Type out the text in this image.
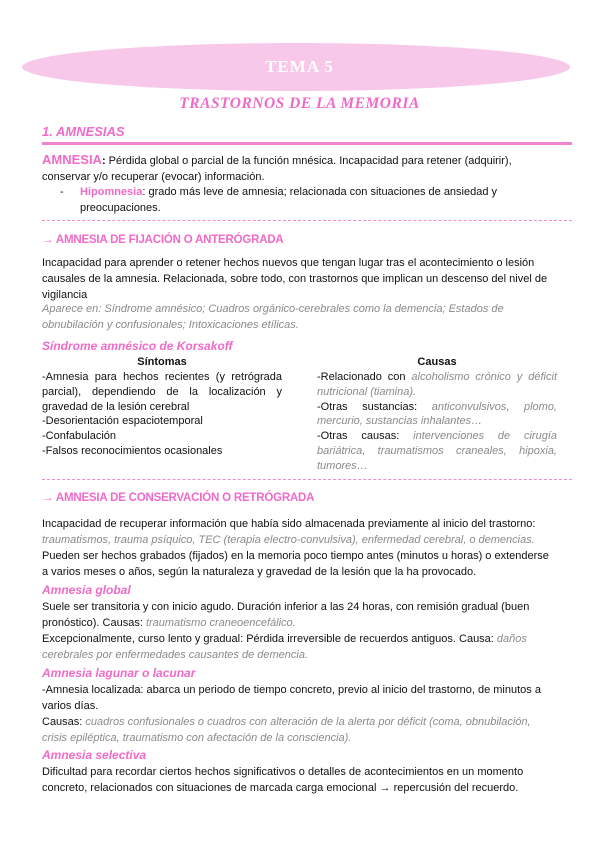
TEMA 5
TRASTORNOS DE LA MEMORIA
1. AMNESIAS
AMNESIA: Pérdida global o parcial de la función mnésica. Incapacidad para retener (adquirir),
conservar y/o recuperar (evocar) información.
- Hipomnesia: grado más leve de amnesia; relacionada con situaciones de ansiedad y
preocupaciones.
→ AMNESIA DE FIJACIÓN O ANTERÓGRADA
Incapacidad para aprender o retener hechos nuevos que tengan lugar tras el acontecimiento o lesión
causales de la amnesia. Relacionada, sobre todo, con trastornos que implican un descenso del nivel de
vigilancia
Aparece en: Síndrome amnésico; Cuadros orgánico-cerebrales como la demencia; Estados de
obnubilación y confusionales; Intoxicaciones etílicas.
Síndrome amnésico de Korsakoff
Síntomas	Causas
-Amnesia para hechos recientes (y retrógrada
parcial), dependiendo de la localización y
gravedad de la lesión cerebral
-Desorientación espaciotemporal
-Confabulación
-Falsos reconocimientos ocasionales
-Relacionado con alcoholismo crónico y déficit
nutricional (tiamina).
-Otras sustancias: anticonvulsivos, plomo,
mercurio, sustancias inhalantes…
-Otras causas: intervenciones de cirugía
bariátrica, traumatismos craneales, hipoxia,
tumores…
→ AMNESIA DE CONSERVACIÓN O RETRÓGRADA
Incapacidad de recuperar información que había sido almacenada previamente al inicio del trastorno:
traumatismos, trauma psíquico, TEC (terapia electro-convulsiva), enfermedad cerebral, o demencias.
Pueden ser hechos grabados (fijados) en la memoria poco tiempo antes (minutos u horas) o extenderse
a varios meses o años, según la naturaleza y gravedad de la lesión que la ha provocado.
Amnesia global
Suele ser transitoria y con inicio agudo. Duración inferior a las 24 horas, con remisión gradual (buen
pronóstico). Causas: traumatismo craneoencefálico.
Excepcionalmente, curso lento y gradual: Pérdida irreversible de recuerdos antiguos. Causa: daños
cerebrales por enfermedades causantes de demencia.
Amnesia lagunar o lacunar
-Amnesia localizada: abarca un periodo de tiempo concreto, previo al inicio del trastorno, de minutos a
varios días.
Causas: cuadros confusionales o cuadros con alteración de la alerta por déficit (coma, obnubilación,
crisis epiléptica, traumatismo con afectación de la consciencia).
Amnesia selectiva
Dificultad para recordar ciertos hechos significativos o detalles de acontecimientos en un momento
concreto, relacionados con situaciones de marcada carga emocional → repercusión del recuerdo.
